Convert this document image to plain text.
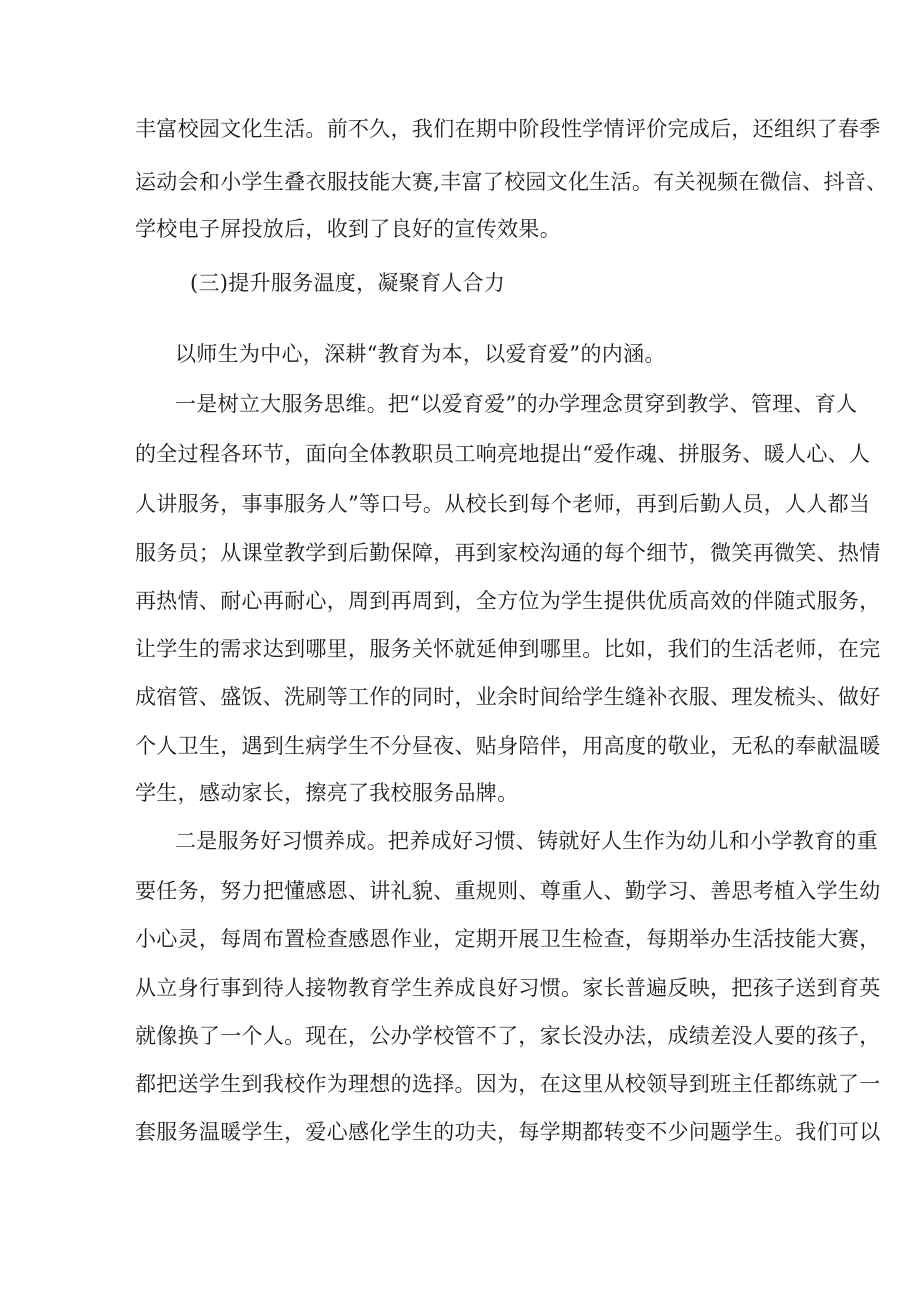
丰富校园文化生活。前不久，我们在期中阶段性学情评价完成后，还组织了春季
运动会和小学生叠衣服技能大赛,丰富了校园文化生活。有关视频在微信、抖音、
学校电子屏投放后，收到了良好的宣传效果。
(三)提升服务温度，凝聚育人合力
以师生为中心，深耕“教育为本，以爱育爱”的内涵。
一是树立大服务思维。把“以爱育爱”的办学理念贯穿到教学、管理、育人
的全过程各环节，面向全体教职员工响亮地提出“爱作魂、拼服务、暖人心、人
人讲服务，事事服务人”等口号。从校长到每个老师，再到后勤人员，人人都当
服务员；从课堂教学到后勤保障，再到家校沟通的每个细节，微笑再微笑、热情
再热情、耐心再耐心，周到再周到，全方位为学生提供优质高效的伴随式服务，
让学生的需求达到哪里，服务关怀就延伸到哪里。比如，我们的生活老师，在完
成宿管、盛饭、洗刷等工作的同时，业余时间给学生缝补衣服、理发梳头、做好
个人卫生，遇到生病学生不分昼夜、贴身陪伴，用高度的敬业，无私的奉献温暖
学生，感动家长，擦亮了我校服务品牌。
二是服务好习惯养成。把养成好习惯、铸就好人生作为幼儿和小学教育的重
要任务，努力把懂感恩、讲礼貌、重规则、尊重人、勤学习、善思考植入学生幼
小心灵，每周布置检查感恩作业，定期开展卫生检查，每期举办生活技能大赛，
从立身行事到待人接物教育学生养成良好习惯。家长普遍反映，把孩子送到育英
就像换了一个人。现在，公办学校管不了，家长没办法，成绩差没人要的孩子，
都把送学生到我校作为理想的选择。因为，在这里从校领导到班主任都练就了一
套服务温暖学生，爱心感化学生的功夫，每学期都转变不少问题学生。我们可以
